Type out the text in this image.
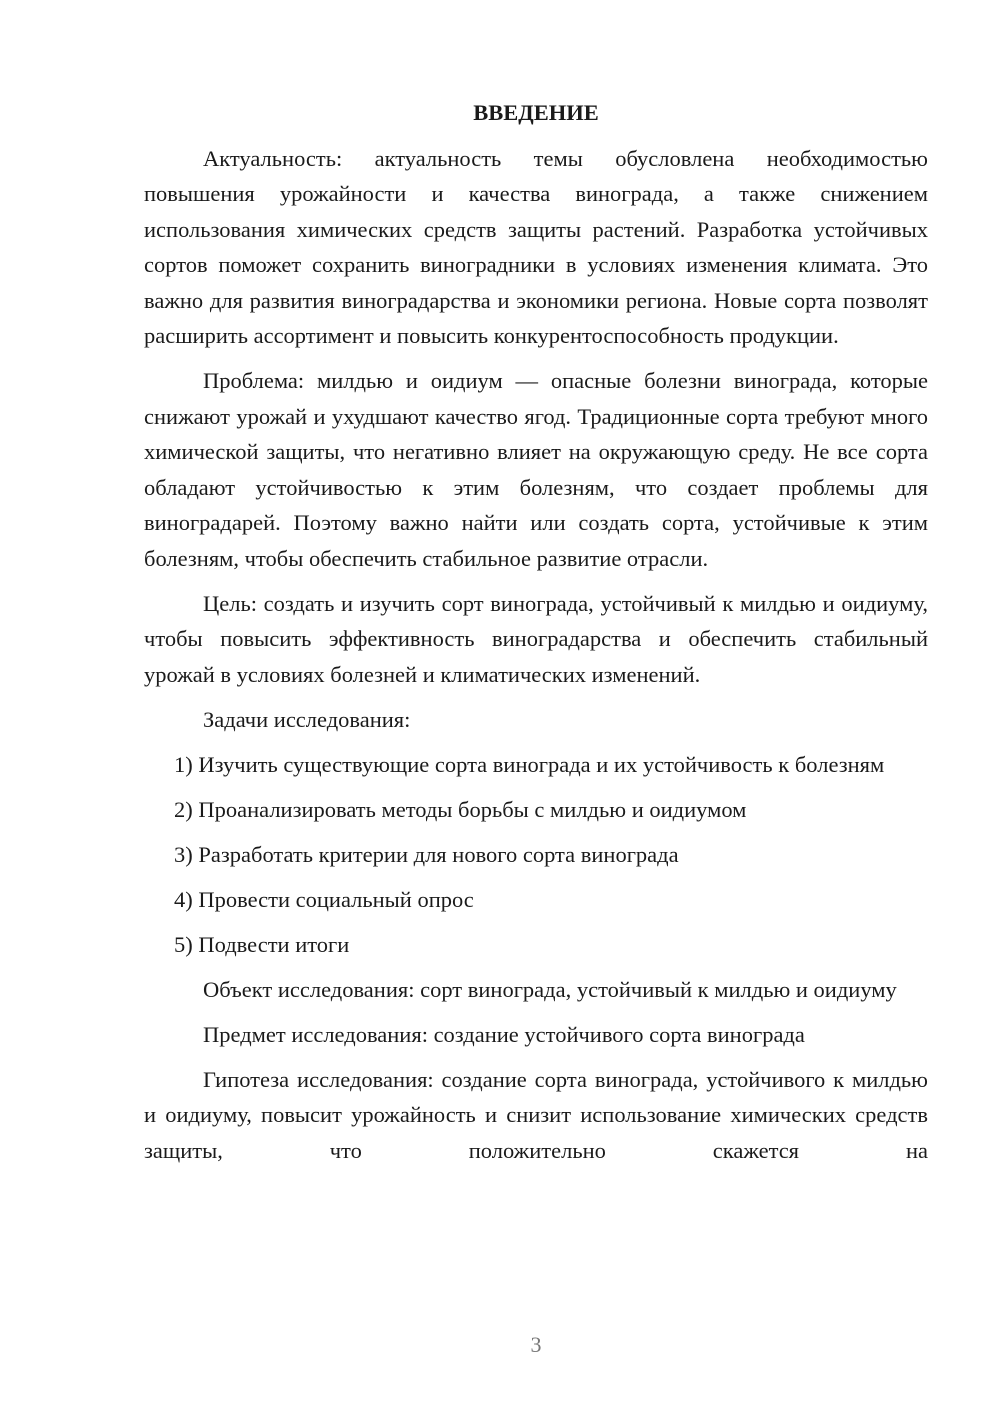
ВВЕДЕНИЕ

Актуальность: актуальность темы обусловлена необходимостью повышения урожайности и качества винограда, а также снижением использования химических средств защиты растений. Разработка устойчивых сортов поможет сохранить виноградники в условиях изменения климата. Это важно для развития виноградарства и экономики региона. Новые сорта позволят расширить ассортимент и повысить конкурентоспособность продукции.

Проблема: милдью и оидиум — опасные болезни винограда, которые снижают урожай и ухудшают качество ягод. Традиционные сорта требуют много химической защиты, что негативно влияет на окружающую среду. Не все сорта обладают устойчивостью к этим болезням, что создает проблемы для виноградарей. Поэтому важно найти или создать сорта, устойчивые к этим болезням, чтобы обеспечить стабильное развитие отрасли.

Цель: создать и изучить сорт винограда, устойчивый к милдью и оидиуму, чтобы повысить эффективность виноградарства и обеспечить стабильный урожай в условиях болезней и климатических изменений.

Задачи исследования:

1) Изучить существующие сорта винограда и их устойчивость к болезням

2) Проанализировать методы борьбы с милдью и оидиумом

3) Разработать критерии для нового сорта винограда

4) Провести социальный опрос

5) Подвести итоги

Объект исследования: сорт винограда, устойчивый к милдью и оидиуму

Предмет исследования: создание устойчивого сорта винограда

Гипотеза исследования: создание сорта винограда, устойчивого к милдью и оидиуму, повысит урожайность и снизит использование химических средств защиты, что положительно скажется на

3
